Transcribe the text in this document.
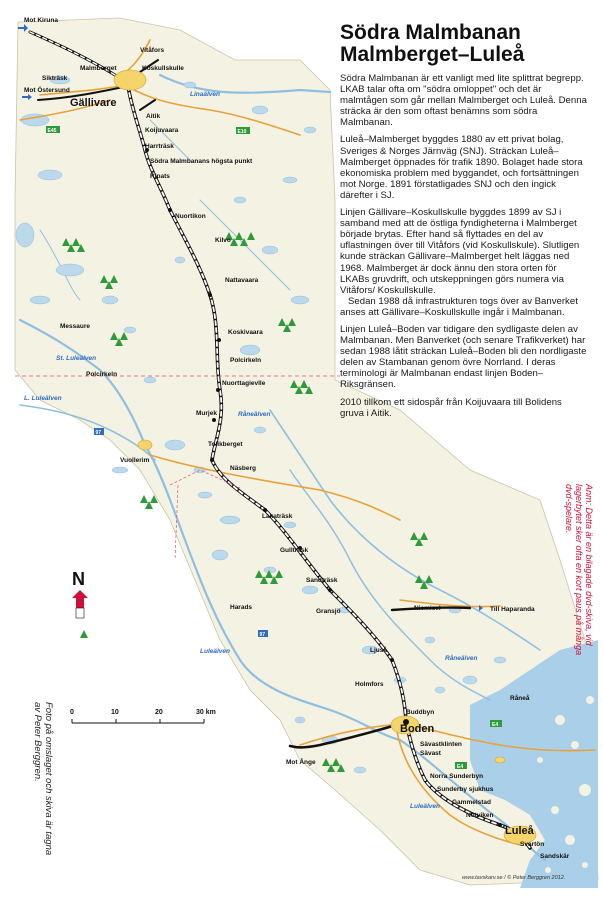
E45	E10
97
97
E4
E4
Mot Kiruna
Vitåfors
Malmberget	Koskullskulle
Sikträsk
Mot Östersund
Gällivare
Aitik
Koijuvaara
Harrträsk
Södra Malmbanans högsta punkt
Ripats
Nuortikon
Kilvo
Nattavaara
Messaure
Koskivaara
Polcirkeln
Polcirkeln
Nuorttagievlle
Murjek
Vuollerim
Tolikberget
Näsberg
Lakaträsk
Gullträsk
Sandträsk
Harads
Gransjö	Niemisel	Till Haparanda
Ljuså
Holmfors
Råneå
Buddbyn
Boden
Sävastklinten
Sävast
Mot Ånge
Norra Sunderbyn
Sunderby sjukhus
Gammelstad
Notviken
Luleå
Svartön
Sandskär
Linaälven
St. Luleälven
L. Luleälven
Råneälven
Råneälven
Luleälven
Luleälven
N
0	10	20	30 km
Södra Malmbanan
Malmberget–Luleå

Södra Malmbanan är ett vanligt med lite splittrat begrepp. LKAB talar ofta om "södra omloppet" och det är malmtågen som går mellan Malmberget och Luleå. Denna sträcka är den som oftast benämns som södra Malmbanan.

Luleå–Malmberget byggdes 1880 av ett privat bolag, Sveriges & Norges Järnväg (SNJ). Sträckan Luleå–Malmberget öppnades för trafik 1890. Bolaget hade stora ekonomiska problem med byggandet, och fortsättningen mot Norge. 1891 förstatligades SNJ och den ingick därefter i SJ.

Linjen Gällivare–Koskullskulle byggdes 1899 av SJ i samband med att de östliga fyndigheterna i Malmberget började brytas. Efter hand så flyttades en del av uflastningen över till Vitåfors (vid Koskullskule). Slutligen kunde sträckan Gällivare–Malmberget helt läggas ned 1968. Malmberget är dock ännu den stora orten för LKABs gruvdrift, och utskeppningen görs numera via Vitåfors/ Koskullskulle.

Sedan 1988 då infrastrukturen togs över av Banverket anses att Gällivare–Koskullskulle ingår i Malmbanan.

Linjen Luleå–Boden var tidigare den sydligaste delen av Malmbanan. Men Banverket (och senare Trafikverket) har sedan 1988 låtit sträckan Luleå–Boden bli den nordligaste delen av Stambanan genom övre Norrland. I deras terminologi är Malmbanan endast linjen Boden–Riksgränsen.

2010 tillkom ett sidospår från Koijuvaara till Bolidens gruva i Aitik.

Anm: Detta är en bilagade dvd-skiva, vid lagerbytet sker ofta en kort paus på många dvd-spelare.
Foto på omslaget och skiva är tagna av Peter Berggren.
www.tavskarv.se / © Peter Berggren 2012.
